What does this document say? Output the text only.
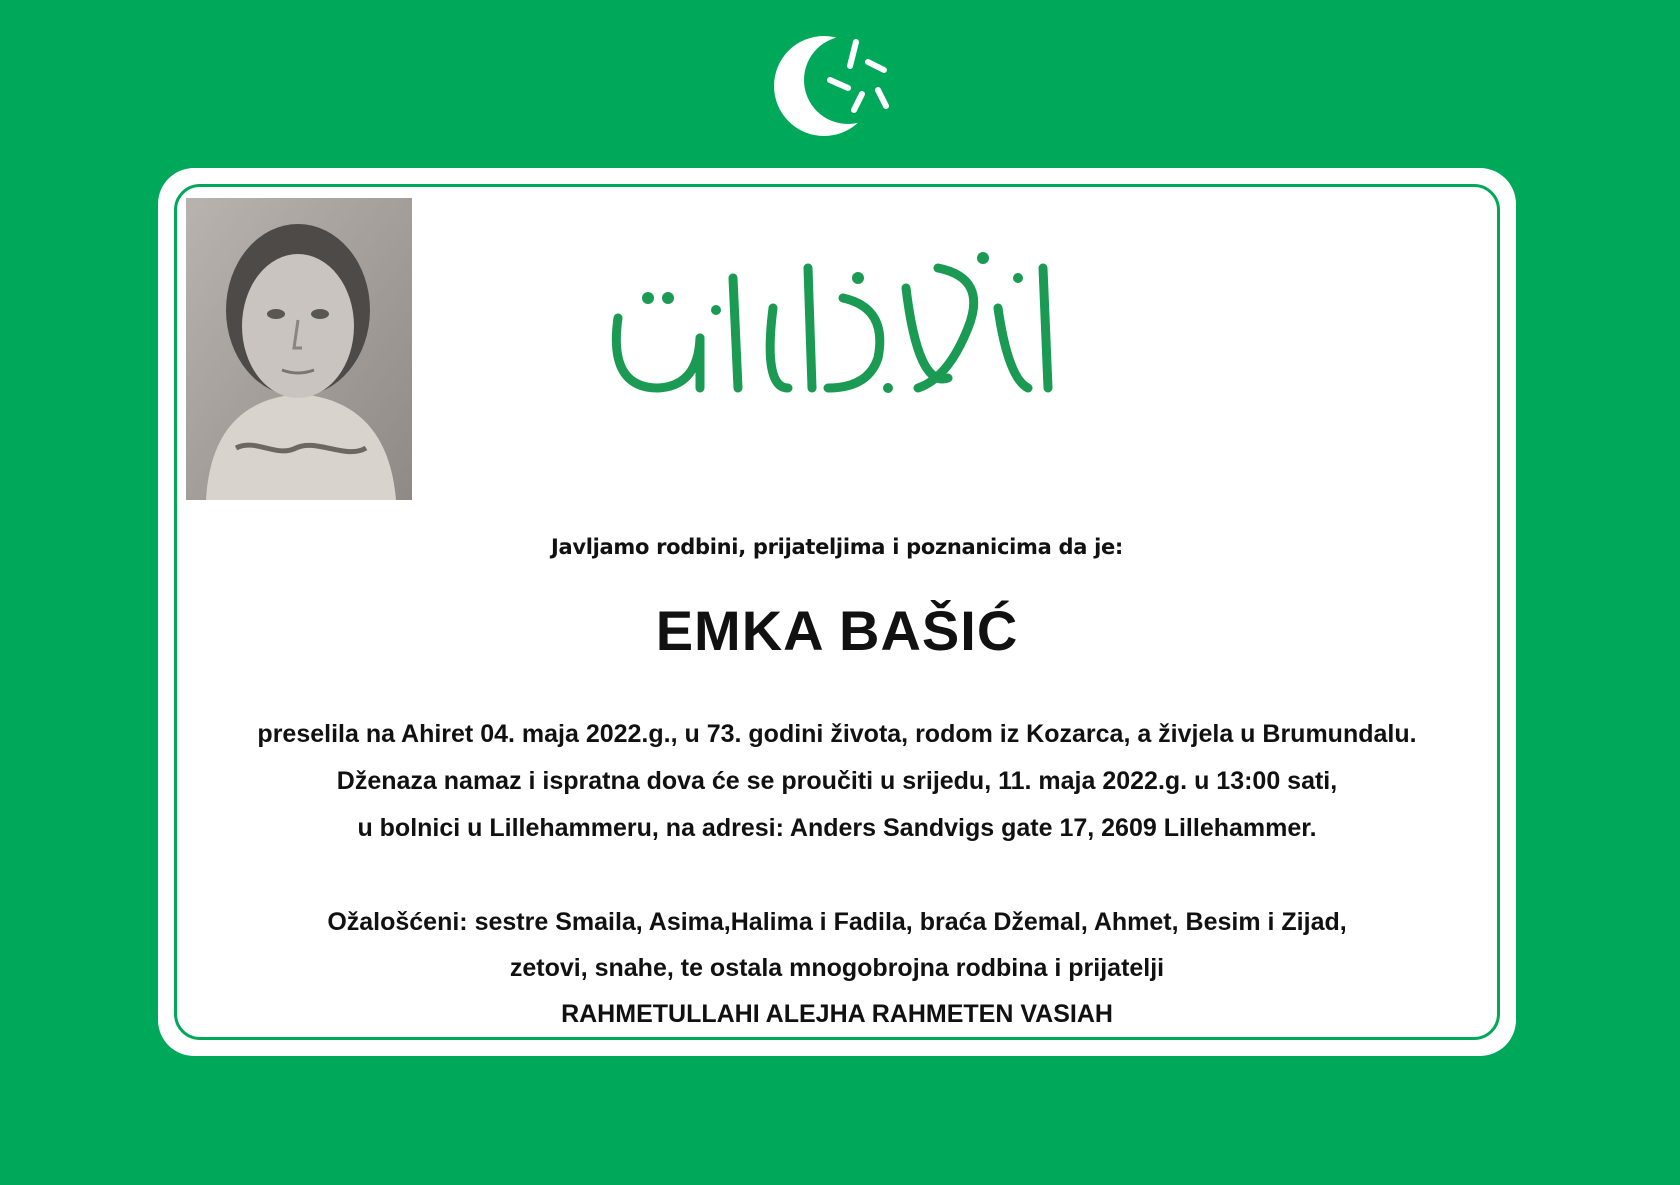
Javljamo rodbini, prijateljima i poznanicima da je:
EMKA BAŠIĆ
preselila na Ahiret 04. maja 2022.g., u 73. godini života, rodom iz Kozarca, a živjela u Brumundalu.
Dženaza namaz i ispratna dova će se proučiti u srijedu, 11. maja 2022.g. u 13:00 sati,
u bolnici u Lillehammeru, na adresi: Anders Sandvigs gate 17, 2609 Lillehammer.
Ožalošćeni: sestre Smaila, Asima,Halima i Fadila, braća Džemal, Ahmet, Besim i Zijad,
zetovi, snahe, te ostala mnogobrojna rodbina i prijatelji
RAHMETULLAHI ALEJHA RAHMETEN VASIAH
